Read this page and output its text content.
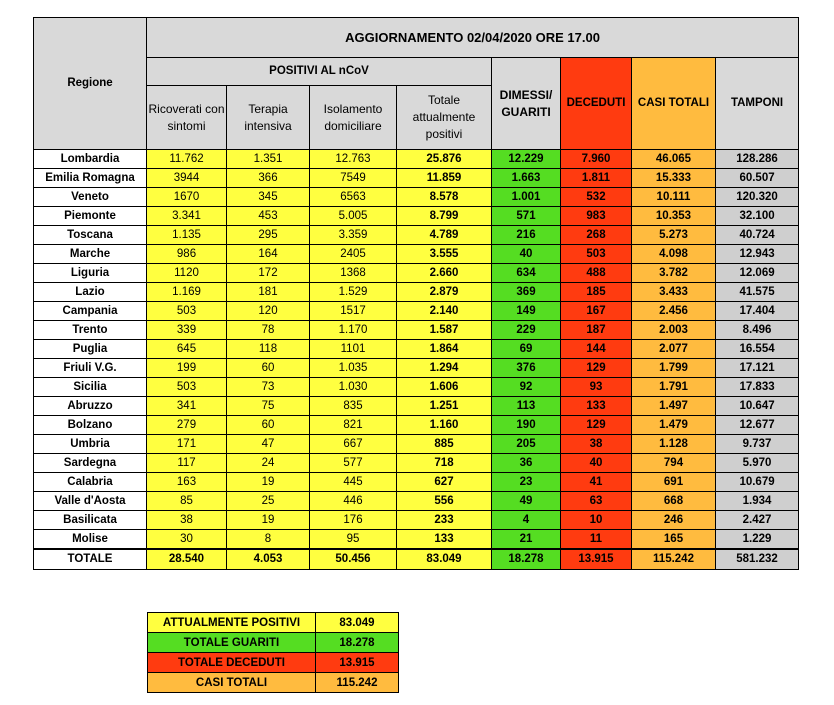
Regione	AGGIORNAMENTO 02/04/2020 ORE 17.00							
	POSITIVI AL nCoV				DIMESSI/ GUARITI	DECEDUTI	CASI TOTALI	TAMPONI
	Ricoverati con sintomi	Terapia intensiva	Isolamento domiciliare	Totale attualmente positivi				
Lombardia	11.762	1.351	12.763	25.876	12.229	7.960	46.065	128.286
Emilia Romagna	3944	366	7549	11.859	1.663	1.811	15.333	60.507
Veneto	1670	345	6563	8.578	1.001	532	10.111	120.320
Piemonte	3.341	453	5.005	8.799	571	983	10.353	32.100
Toscana	1.135	295	3.359	4.789	216	268	5.273	40.724
Marche	986	164	2405	3.555	40	503	4.098	12.943
Liguria	1120	172	1368	2.660	634	488	3.782	12.069
Lazio	1.169	181	1.529	2.879	369	185	3.433	41.575
Campania	503	120	1517	2.140	149	167	2.456	17.404
Trento	339	78	1.170	1.587	229	187	2.003	8.496
Puglia	645	118	1101	1.864	69	144	2.077	16.554
Friuli V.G.	199	60	1.035	1.294	376	129	1.799	17.121
Sicilia	503	73	1.030	1.606	92	93	1.791	17.833
Abruzzo	341	75	835	1.251	113	133	1.497	10.647
Bolzano	279	60	821	1.160	190	129	1.479	12.677
Umbria	171	47	667	885	205	38	1.128	9.737
Sardegna	117	24	577	718	36	40	794	5.970
Calabria	163	19	445	627	23	41	691	10.679
Valle d'Aosta	85	25	446	556	49	63	668	1.934
Basilicata	38	19	176	233	4	10	246	2.427
Molise	30	8	95	133	21	11	165	1.229
TOTALE	28.540	4.053	50.456	83.049	18.278	13.915	115.242	581.232
ATTUALMENTE POSITIVI	83.049
TOTALE GUARITI	18.278
TOTALE DECEDUTI	13.915
CASI TOTALI	115.242
